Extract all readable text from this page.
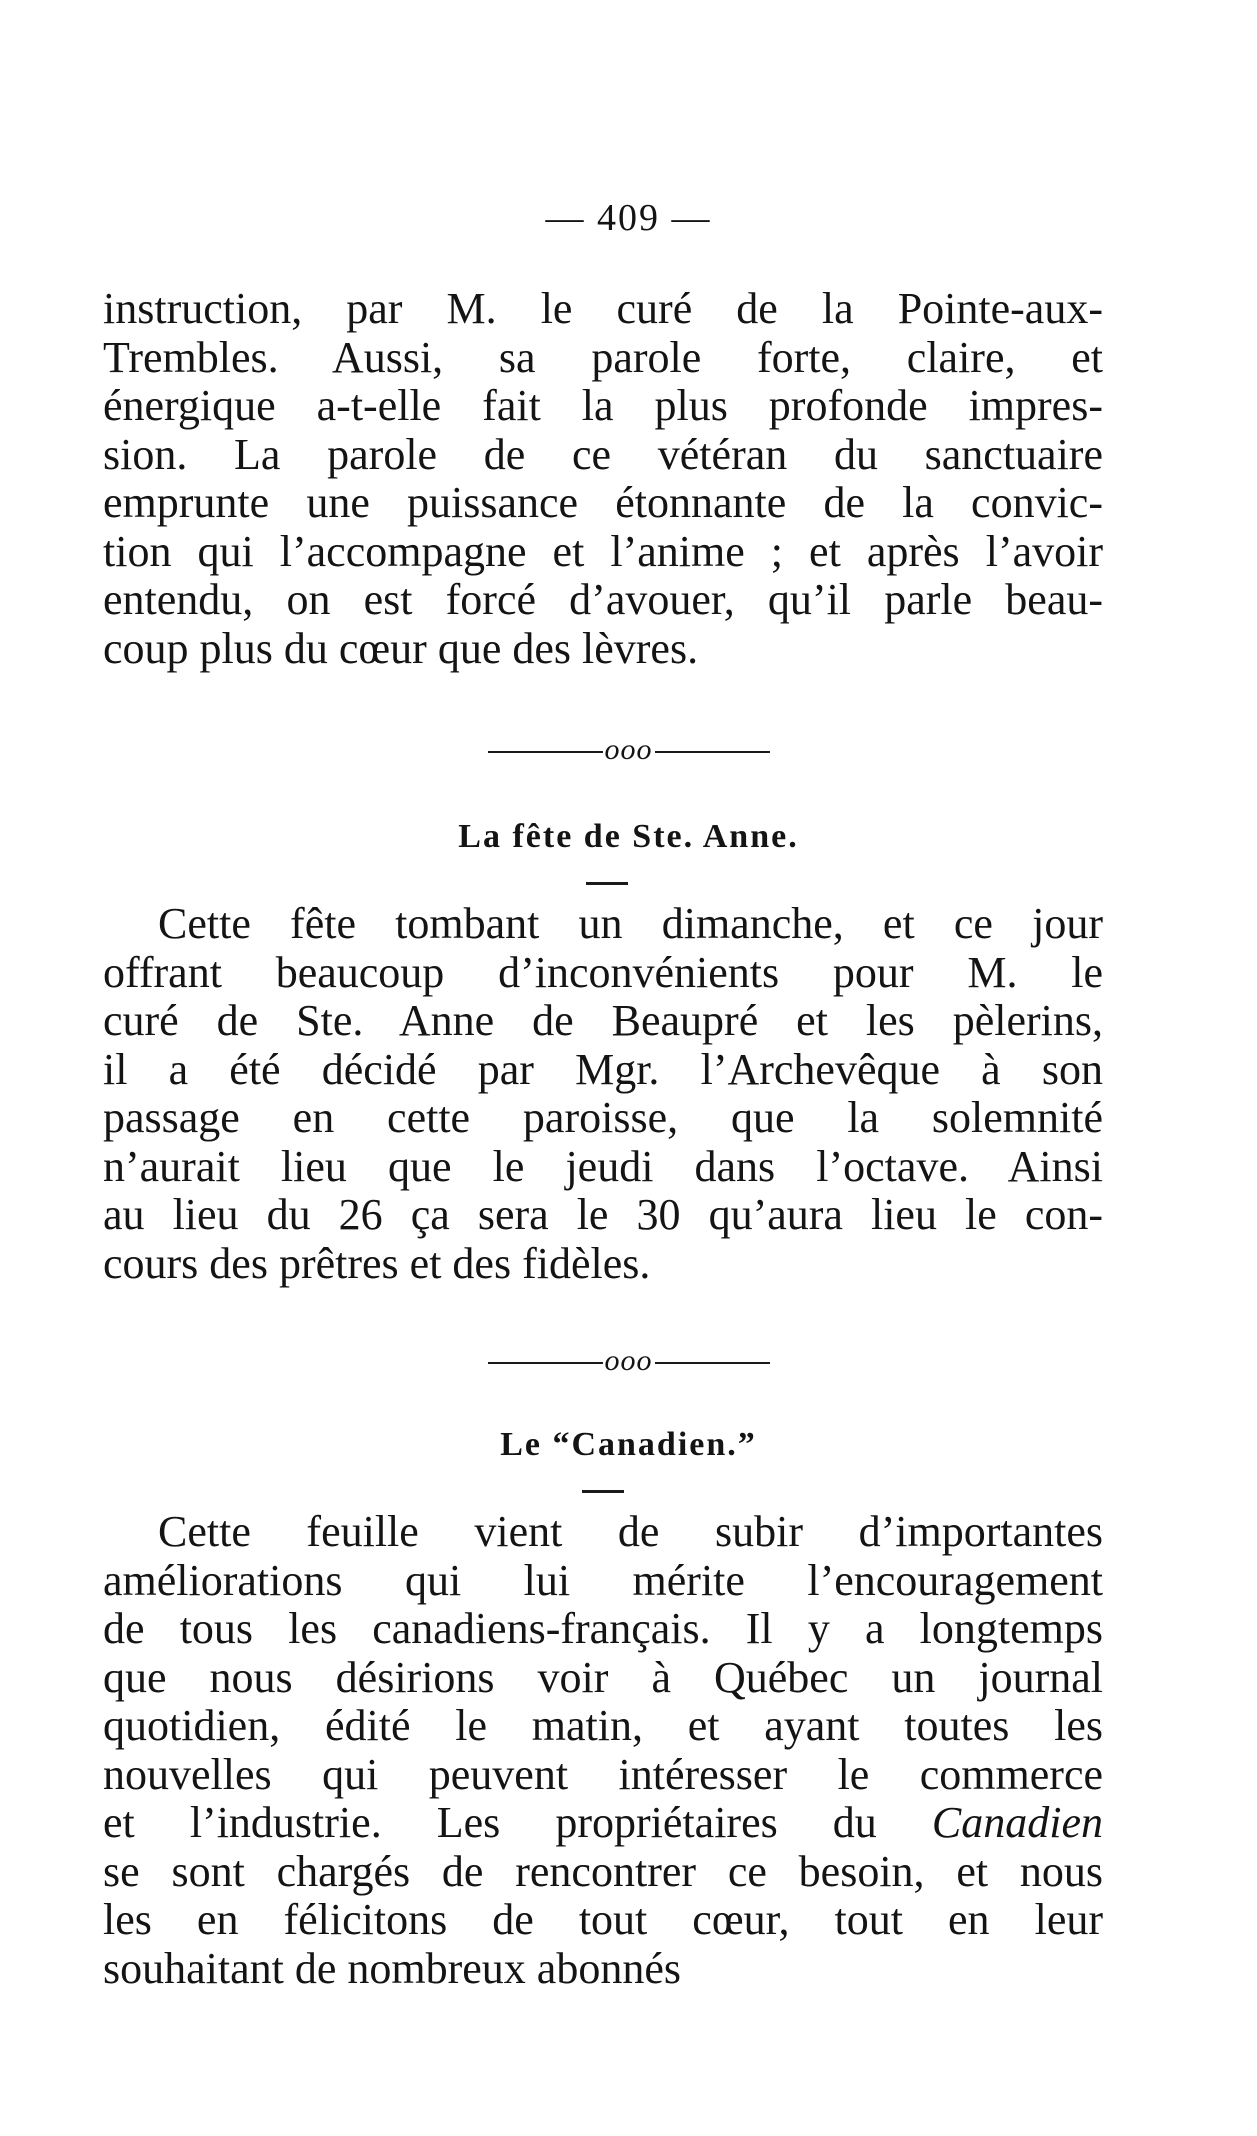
— 409 —
instruction, par M. le curé de la Pointe-aux-
Trembles. Aussi, sa parole forte, claire, et
énergique a-t-elle fait la plus profonde impres-
sion. La parole de ce vétéran du sanctuaire
emprunte une puissance étonnante de la convic-
tion qui l’accompagne et l’anime ; et après l’avoir
entendu, on est forcé d’avouer, qu’il parle beau-
coup plus du cœur que des lèvres.
ooo
La fête de Ste. Anne.
Cette fête tombant un dimanche, et ce jour
offrant beaucoup d’inconvénients pour M. le
curé de Ste. Anne de Beaupré et les pèlerins,
il a été décidé par Mgr. l’Archevêque à son
passage en cette paroisse, que la solemnité
n’aurait lieu que le jeudi dans l’octave. Ainsi
au lieu du 26 ça sera le 30 qu’aura lieu le con-
cours des prêtres et des fidèles.
ooo
Le “Canadien.”
Cette feuille vient de subir d’importantes
améliorations qui lui mérite l’encouragement
de tous les canadiens-français. Il y a longtemps
que nous désirions voir à Québec un journal
quotidien, édité le matin, et ayant toutes les
nouvelles qui peuvent intéresser le commerce
et l’industrie. Les propriétaires du Canadien
se sont chargés de rencontrer ce besoin, et nous
les en félicitons de tout cœur, tout en leur
souhaitant de nombreux abonnés
